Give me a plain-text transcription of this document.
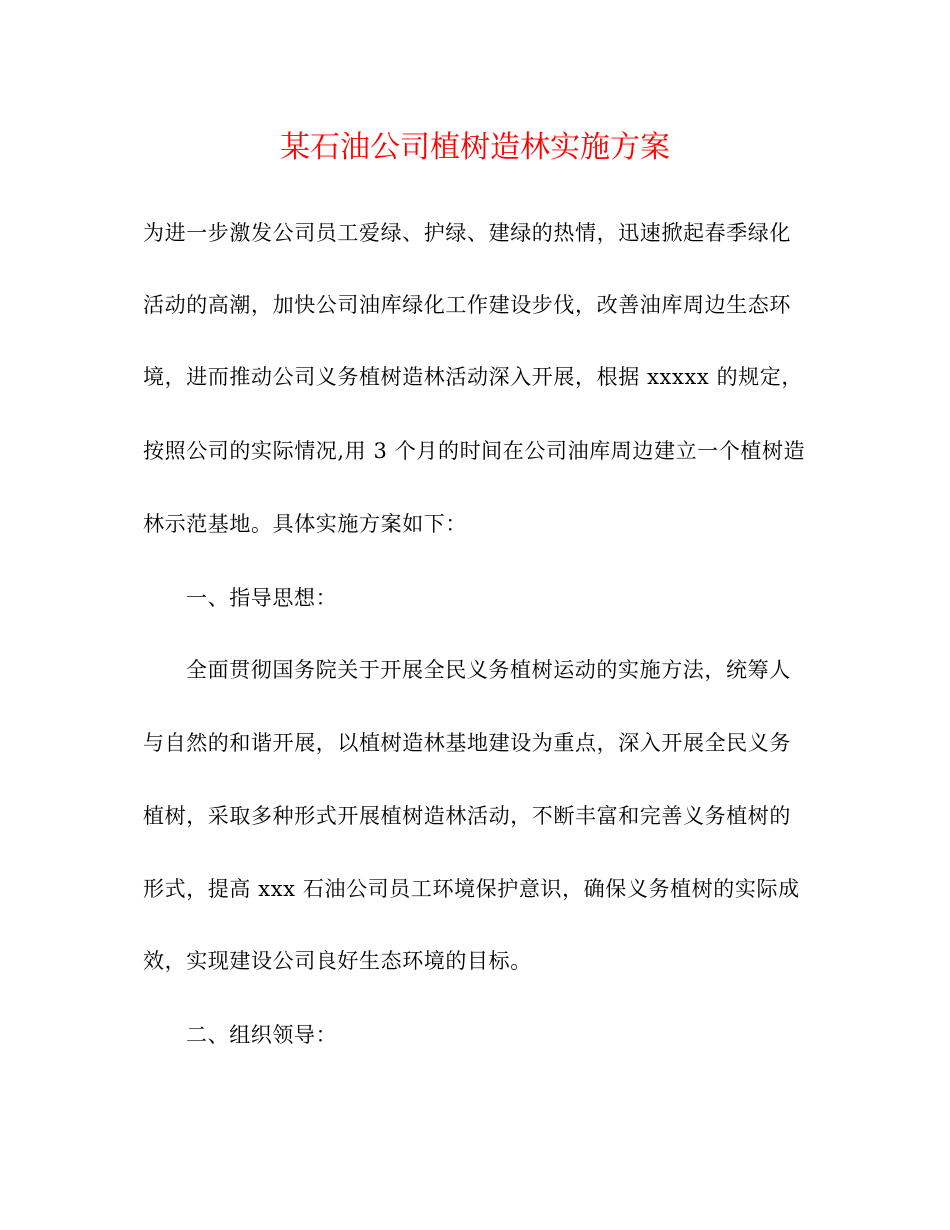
某石油公司植树造林实施方案
为进一步激发公司员工爱绿、护绿、建绿的热情，迅速掀起春季绿化
活动的高潮，加快公司油库绿化工作建设步伐，改善油库周边生态环
境，进而推动公司义务植树造林活动深入开展，根据 xxxxx 的规定，
按照公司的实际情况,用 3 个月的时间在公司油库周边建立一个植树造
林示范基地。具体实施方案如下：
一、指导思想：
全面贯彻国务院关于开展全民义务植树运动的实施方法，统筹人
与自然的和谐开展，以植树造林基地建设为重点，深入开展全民义务
植树，采取多种形式开展植树造林活动，不断丰富和完善义务植树的
形式，提高 xxx 石油公司员工环境保护意识，确保义务植树的实际成
效，实现建设公司良好生态环境的目标。
二、组织领导：
